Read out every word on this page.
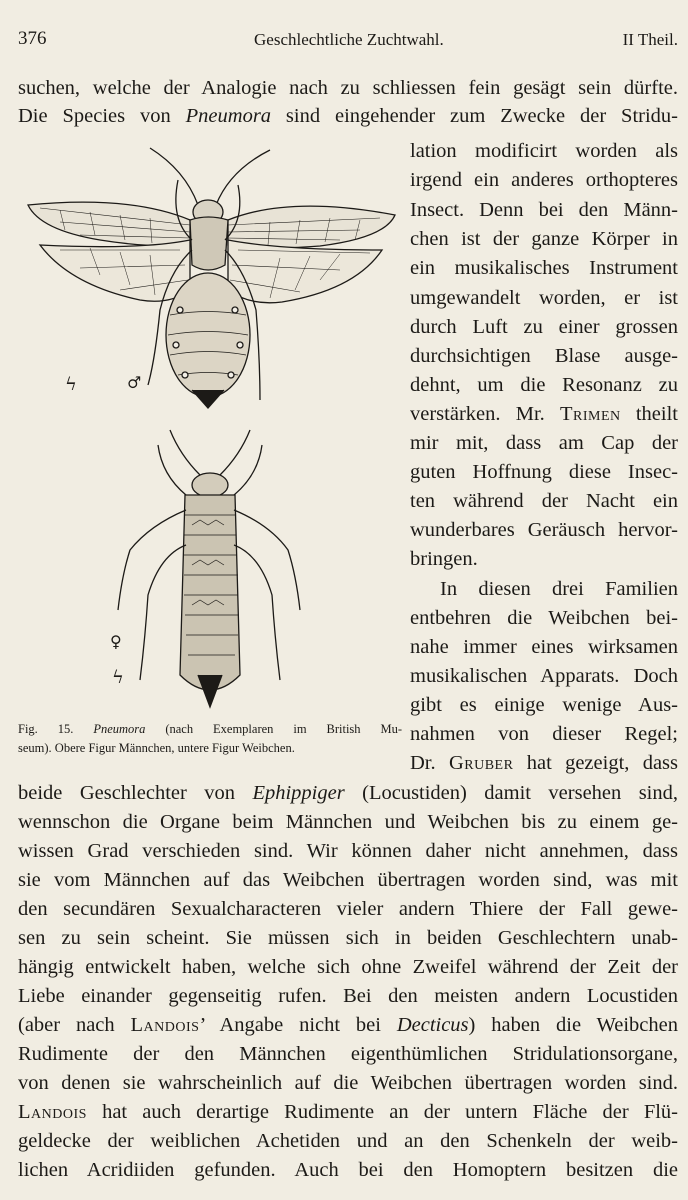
376	Geschlechtliche Zuchtwahl.	II Theil.
suchen, welche der Analogie nach zu schliessen fein gesägt sein dürfte.
Die Species von Pneumora sind eingehender zum Zwecke der Stridu-
lation modificirt worden als
irgend ein anderes orthopteres
Insect. Denn bei den Männ-
chen ist der ganze Körper in
ein musikalisches Instrument
umgewandelt worden, er ist
durch Luft zu einer grossen
durchsichtigen Blase ausge-
dehnt, um die Resonanz zu
verstärken. Mr. Trimen theilt
mir mit, dass am Cap der
guten Hoffnung diese Insec-
ten während der Nacht ein
wunderbares Geräusch hervor-
bringen.
In diesen drei Familien
entbehren die Weibchen bei-
nahe immer eines wirksamen
musikalischen Apparats. Doch
gibt es einige wenige Aus-
nahmen von dieser Regel;
Dr. Gruber hat gezeigt, dass
ϟ	♂
♀
ϟ
Fig. 15. Pneumora (nach Exemplaren im British Mu-
seum). Obere Figur Männchen, untere Figur Weibchen.
beide Geschlechter von Ephippiger (Locustiden) damit versehen sind,
wennschon die Organe beim Männchen und Weibchen bis zu einem ge-
wissen Grad verschieden sind. Wir können daher nicht annehmen, dass
sie vom Männchen auf das Weibchen übertragen worden sind, was mit
den secundären Sexualcharacteren vieler andern Thiere der Fall gewe-
sen zu sein scheint. Sie müssen sich in beiden Geschlechtern unab-
hängig entwickelt haben, welche sich ohne Zweifel während der Zeit der
Liebe einander gegenseitig rufen. Bei den meisten andern Locustiden
(aber nach Landois’ Angabe nicht bei Decticus) haben die Weibchen
Rudimente der den Männchen eigenthümlichen Stridulationsorgane,
von denen sie wahrscheinlich auf die Weibchen übertragen worden sind.
Landois hat auch derartige Rudimente an der untern Fläche der Flü-
geldecke der weiblichen Achetiden und an den Schenkeln der weib-
lichen Acridiiden gefunden. Auch bei den Homoptern besitzen die
